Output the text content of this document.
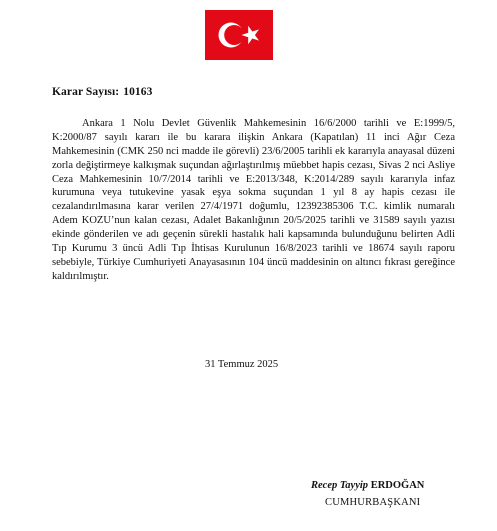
Karar Sayısı: 10163
Ankara 1 Nolu Devlet Güvenlik Mahkemesinin 16/6/2000 tarihli ve E:1999/5,
K:2000/87 sayılı kararı ile bu karara ilişkin Ankara (Kapatılan) 11 inci Ağır Ceza
Mahkemesinin (CMK 250 nci madde ile görevli) 23/6/2005 tarihli ek kararıyla anayasal düzeni
zorla değiştirmeye kalkışmak suçundan ağırlaştırılmış müebbet hapis cezası, Sivas 2 nci Asliye
Ceza Mahkemesinin 10/7/2014 tarihli ve E:2013/348, K:2014/289 sayılı kararıyla infaz
kurumuna veya tutukevine yasak eşya sokma suçundan 1 yıl 8 ay hapis cezası ile
cezalandırılmasına karar verilen 27/4/1971 doğumlu, 12392385306 T.C. kimlik numaralı
Adem KOZU’nun kalan cezası, Adalet Bakanlığının 20/5/2025 tarihli ve 31589 sayılı yazısı
ekinde gönderilen ve adı geçenin sürekli hastalık hali kapsamında bulunduğunu belirten Adli
Tıp Kurumu 3 üncü Adli Tıp İhtisas Kurulunun 16/8/2023 tarihli ve 18674 sayılı raporu
sebebiyle, Türkiye Cumhuriyeti Anayasasının 104 üncü maddesinin on altıncı fıkrası gereğince
kaldırılmıştır.
31 Temmuz 2025
Recep Tayyip ERDOĞAN
CUMHURBAŞKANI
